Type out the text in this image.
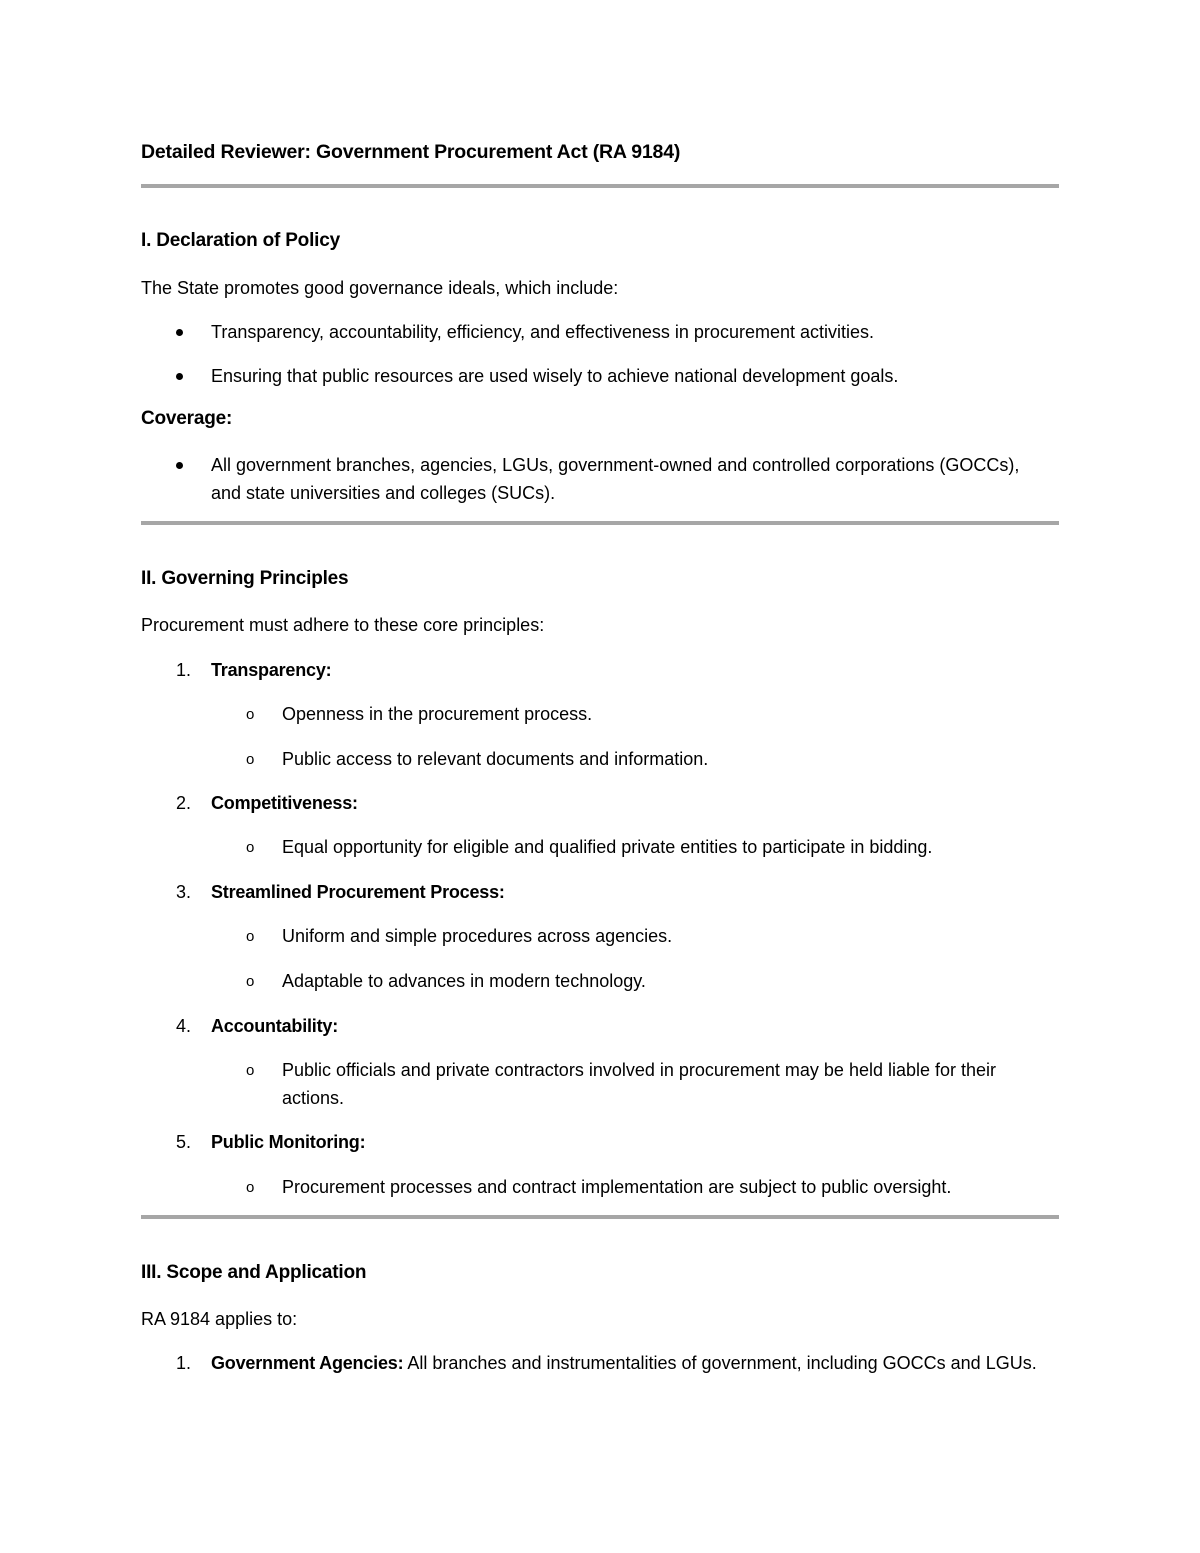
Detailed Reviewer: Government Procurement Act (RA 9184)
I. Declaration of Policy
The State promotes good governance ideals, which include:
Transparency, accountability, efficiency, and effectiveness in procurement activities.
Ensuring that public resources are used wisely to achieve national development goals.
Coverage:
All government branches, agencies, LGUs, government-owned and controlled corporations (GOCCs), and state universities and colleges (SUCs).
II. Governing Principles
Procurement must adhere to these core principles:
1. Transparency:
o Openness in the procurement process.
o Public access to relevant documents and information.
2. Competitiveness:
o Equal opportunity for eligible and qualified private entities to participate in bidding.
3. Streamlined Procurement Process:
o Uniform and simple procedures across agencies.
o Adaptable to advances in modern technology.
4. Accountability:
o Public officials and private contractors involved in procurement may be held liable for their actions.
5. Public Monitoring:
o Procurement processes and contract implementation are subject to public oversight.
III. Scope and Application
RA 9184 applies to:
1. Government Agencies: All branches and instrumentalities of government, including GOCCs and LGUs.
